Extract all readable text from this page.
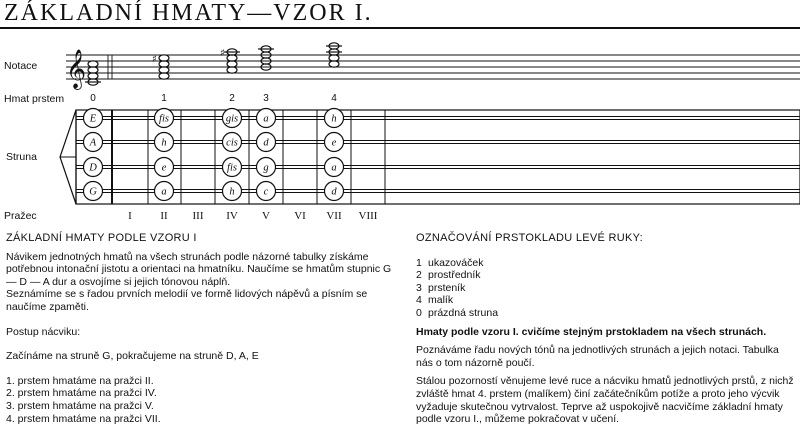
ZÁKLADNÍ HMATY—VZOR I.
Notace
Hmat prstem
Struna
Pražec
𝄞	♯
♯
0	1	2	3	4
E	fis	gis a	h
A	h	cis d	e
D	e	fis	g	a
G	a	h	c	d
I	II III IV V VI VII VIII
ZÁKLADNÍ HMATY PODLE VZORU I

Návikem jednotných hmatů na všech strunách podle názorné tabulky získáme

potřebnou intonační jistotu a orientaci na hmatníku. Naučíme se hmatům stupnic G — D — A dur a osvojíme si jejich tónovou náplň.

Seznámíme se s řadou prvních melodií ve formě lidových nápěvů a písním se naučíme zpaměti.

Postup nácviku:

Začínáme na struně G, pokračujeme na struně D, A, E

1. prstem hmatáme na pražci II.

2. prstem hmatáme na pražci IV.

3. prstem hmatáme na pražci V.

4. prstem hmatáme na pražci VII.

OZNAČOVÁNÍ PRSTOKLADU LEVÉ RUKY:
1 ukazováček
2 prostředník
3 prsteník
4 malík
0 prázdná struna

Hmaty podle vzoru I. cvičíme stejným prstokladem na všech strunách.

Poznáváme řadu nových tónů na jednotlivých strunách a jejich notaci. Tabulka nás o tom názorně poučí.

Stálou pozorností věnujeme levé ruce a nácviku hmatů jednotlivých prstů, z nichž zvláště hmat 4. prstem (malíkem) činí začátečníkům potíže a proto jeho výcvik vyžaduje skutečnou vytrvalost. Teprve až uspokojivě nacvičíme základní hmaty podle vzoru I., můžeme pokračovat v učení.
